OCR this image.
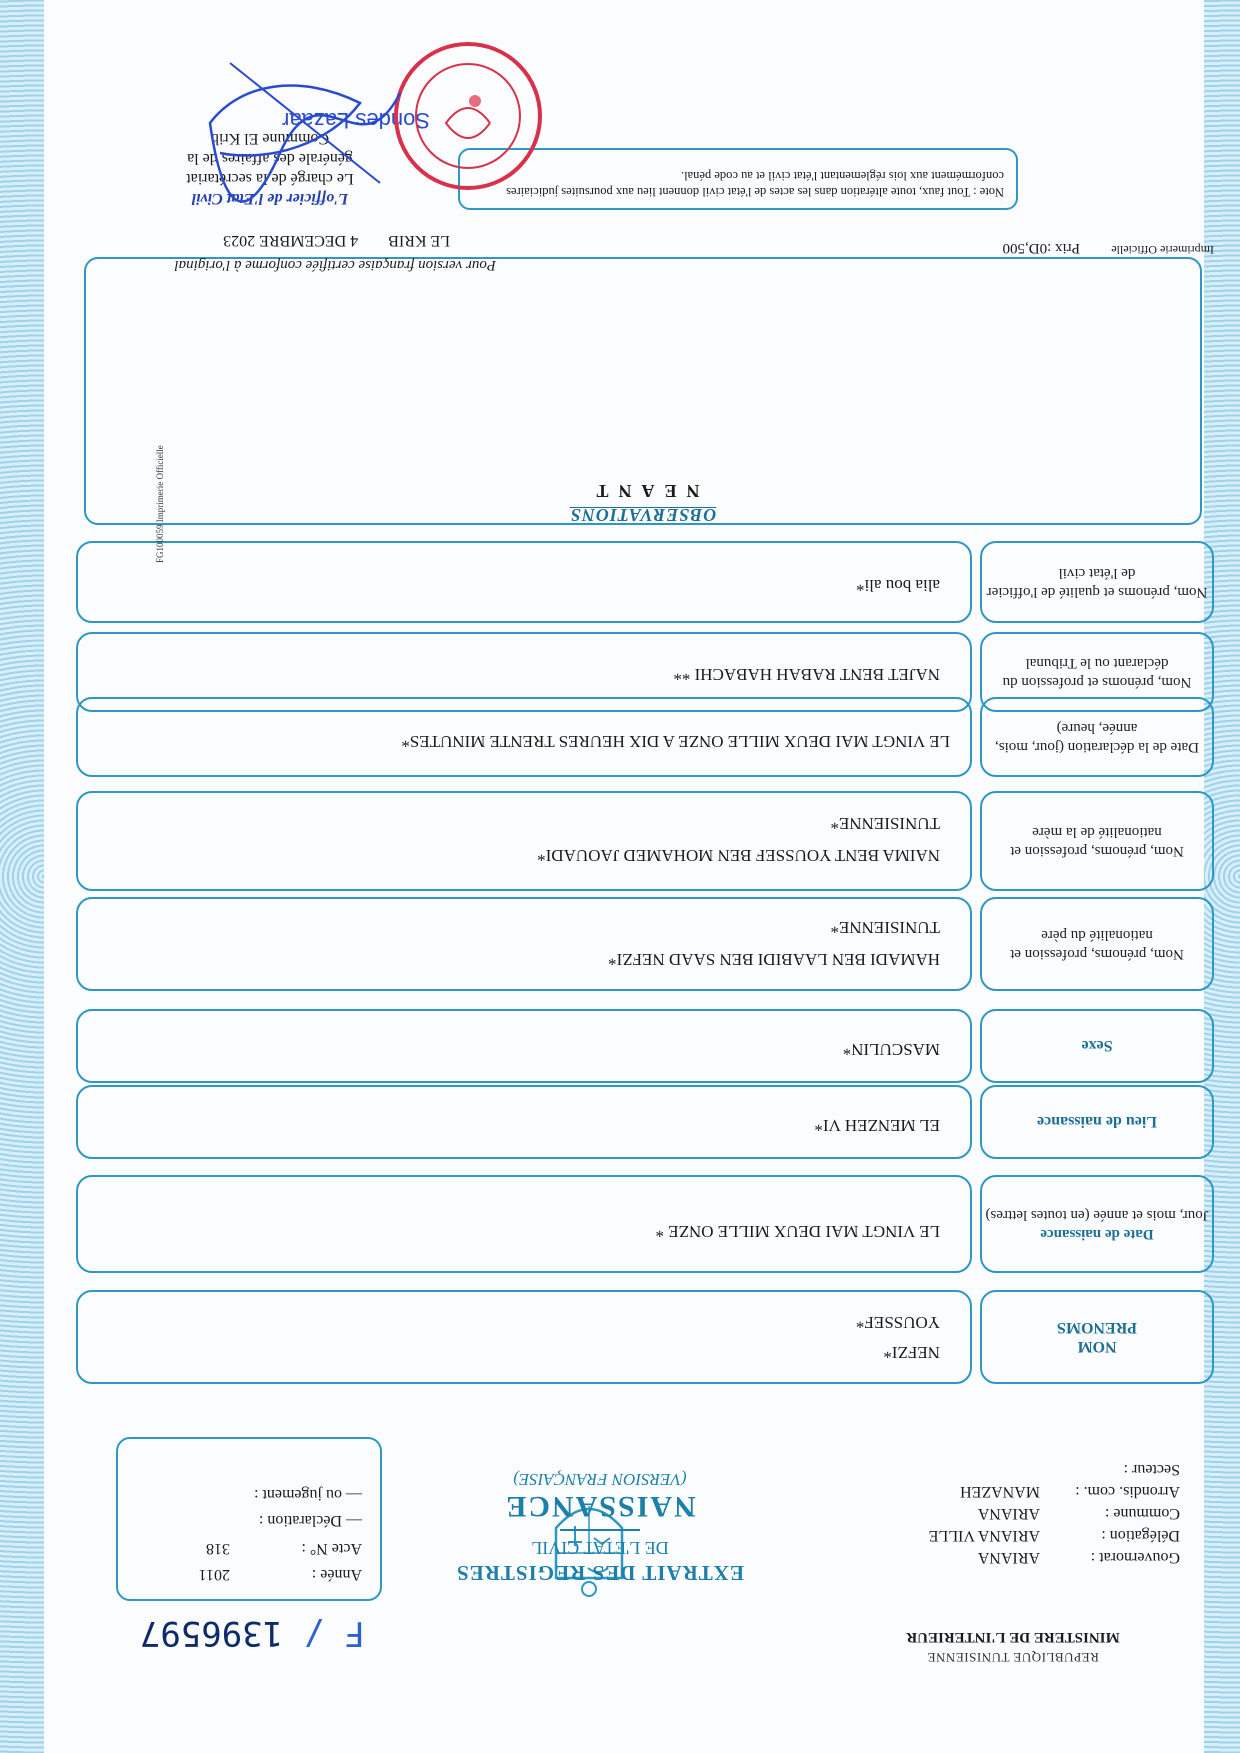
REPUBLIQUE TUNISIENNE
MINISTERE DE L'INTERIEUR
Gouvernorat :
ARIANA
Délégation :
ARIANA VILLE
Commune :
ARIANA
Arrondis. com. :
MANAZEH
Secteur :
EXTRAIT DES REGISTRES
DE L'ETAT CIVIL
NAISSANCE
(VERSION FRANÇAISE)
F / 1396597
Année :
2011
Acte N° :
318
— Déclaration :
— ou jugement :
NOM
PRENOMS
NEFZI*
YOUSSEF*
Date de naissance
Jour, mois et année (en toutes lettres)
LE VINGT MAI DEUX MILLE ONZE *
Lieu de naissance
EL MENZEH VI*
Sexe
MASCULIN*
Nom, prénoms, profession et nationalité du père
HAMADI BEN LAABIDI BEN SAAD NEFZI*
TUNISIENNE*
Nom, prénoms, profession et nationalité de la mère
NAIMA BENT YOUSSEF BEN MOHAMED JAOUADI*
TUNISIENNE*
Date de la déclaration (jour, mois, année, heure)
LE VINGT MAI DEUX MILLE ONZE A DIX HEURES TRENTE MINUTES*
Nom, prénoms et profession du déclarant ou le Tribunal
NAJET BENT RABAH HABACHI **
Nom, prénoms et qualité de l'officier de l'état civil
alia bou ali*
OBSERVATIONS
NEANT
Imprimerie Officielle
Prix :0D,500
FG100059 Imprimerie Officielle
Note : Tout faux, toute altération dans les actes de l'état civil donnent lieu aux poursuites judiciaires conformément aux lois réglementant l'état civil et au code pénal.
Pour version française certifiée conforme à l'original
LE KRIB 4 DECEMBRE 2023
L'officier de l'Etat Civil
Le chargé de la secrétariat
générale des affaires de la
Commune El Krib
Sondes Lazaar
